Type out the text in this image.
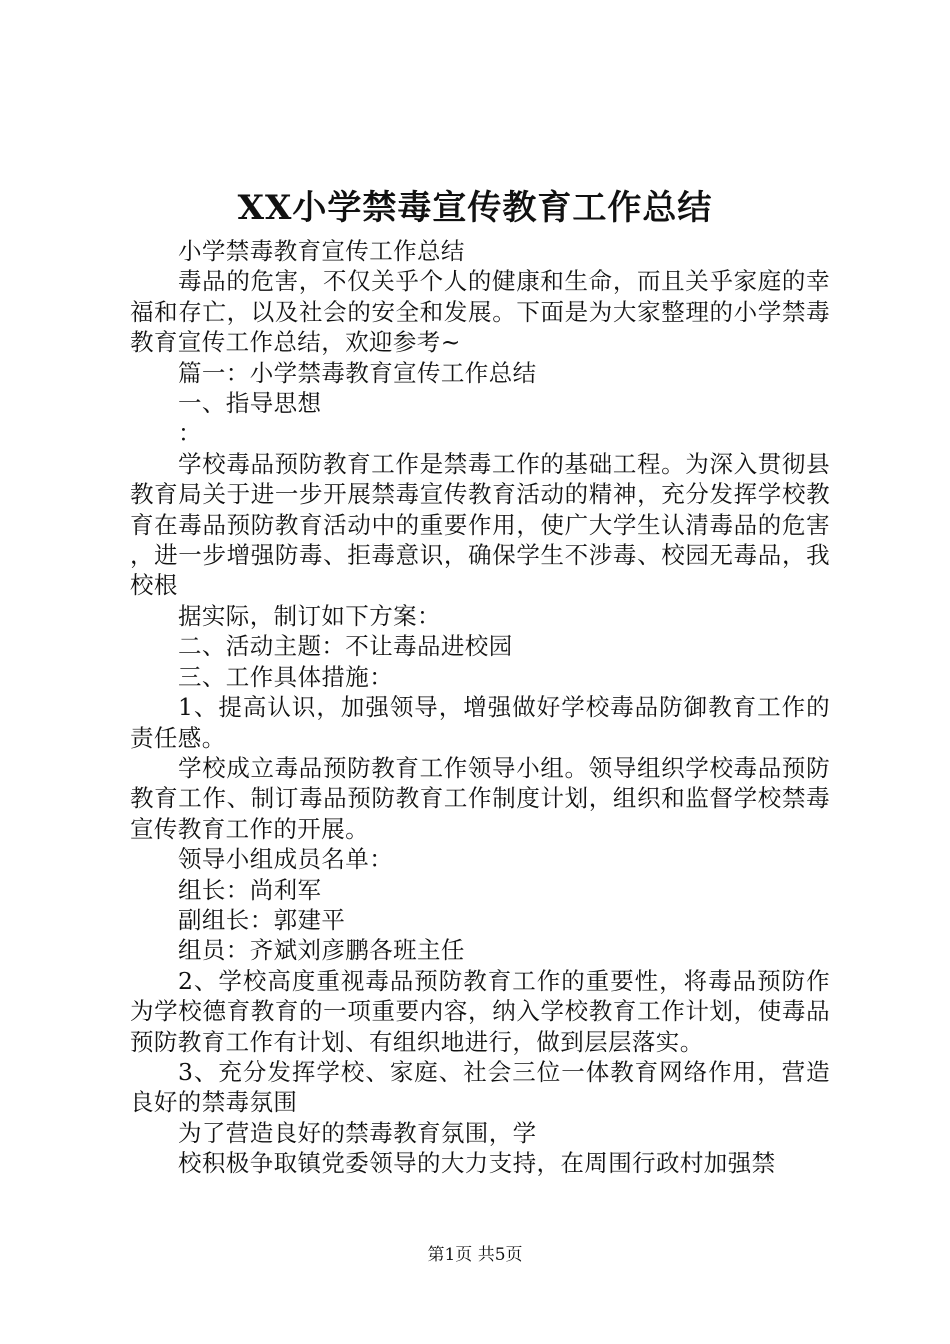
XX小学禁毒宣传教育工作总结

小学禁毒教育宣传工作总结

毒品的危害，不仅关乎个人的健康和生命，而且关乎家庭的幸福和存亡，以及社会的安全和发展。下面是为大家整理的小学禁毒教育宣传工作总结，欢迎参考~

篇一：小学禁毒教育宣传工作总结

一、指导思想

：

学校毒品预防教育工作是禁毒工作的基础工程。为深入贯彻县教育局关于进一步开展禁毒宣传教育活动的精神，充分发挥学校教育在毒品预防教育活动中的重要作用，使广大学生认清毒品的危害，进一步增强防毒、拒毒意识，确保学生不涉毒、校园无毒品，我校根

据实际，制订如下方案：

二、活动主题：不让毒品进校园

三、工作具体措施：

1、提高认识，加强领导，增强做好学校毒品防御教育工作的责任感。

学校成立毒品预防教育工作领导小组。领导组织学校毒品预防教育工作、制订毒品预防教育工作制度计划，组织和监督学校禁毒宣传教育工作的开展。

领导小组成员名单：

组长：尚利军

副组长：郭建平

组员：齐斌刘彦鹏各班主任

2、学校高度重视毒品预防教育工作的重要性，将毒品预防作为学校德育教育的一项重要内容，纳入学校教育工作计划，使毒品预防教育工作有计划、有组织地进行，做到层层落实。

3、充分发挥学校、家庭、社会三位一体教育网络作用，营造良好的禁毒氛围

为了营造良好的禁毒教育氛围，学

校积极争取镇党委领导的大力支持，在周围行政村加强禁

第1页 共5页
